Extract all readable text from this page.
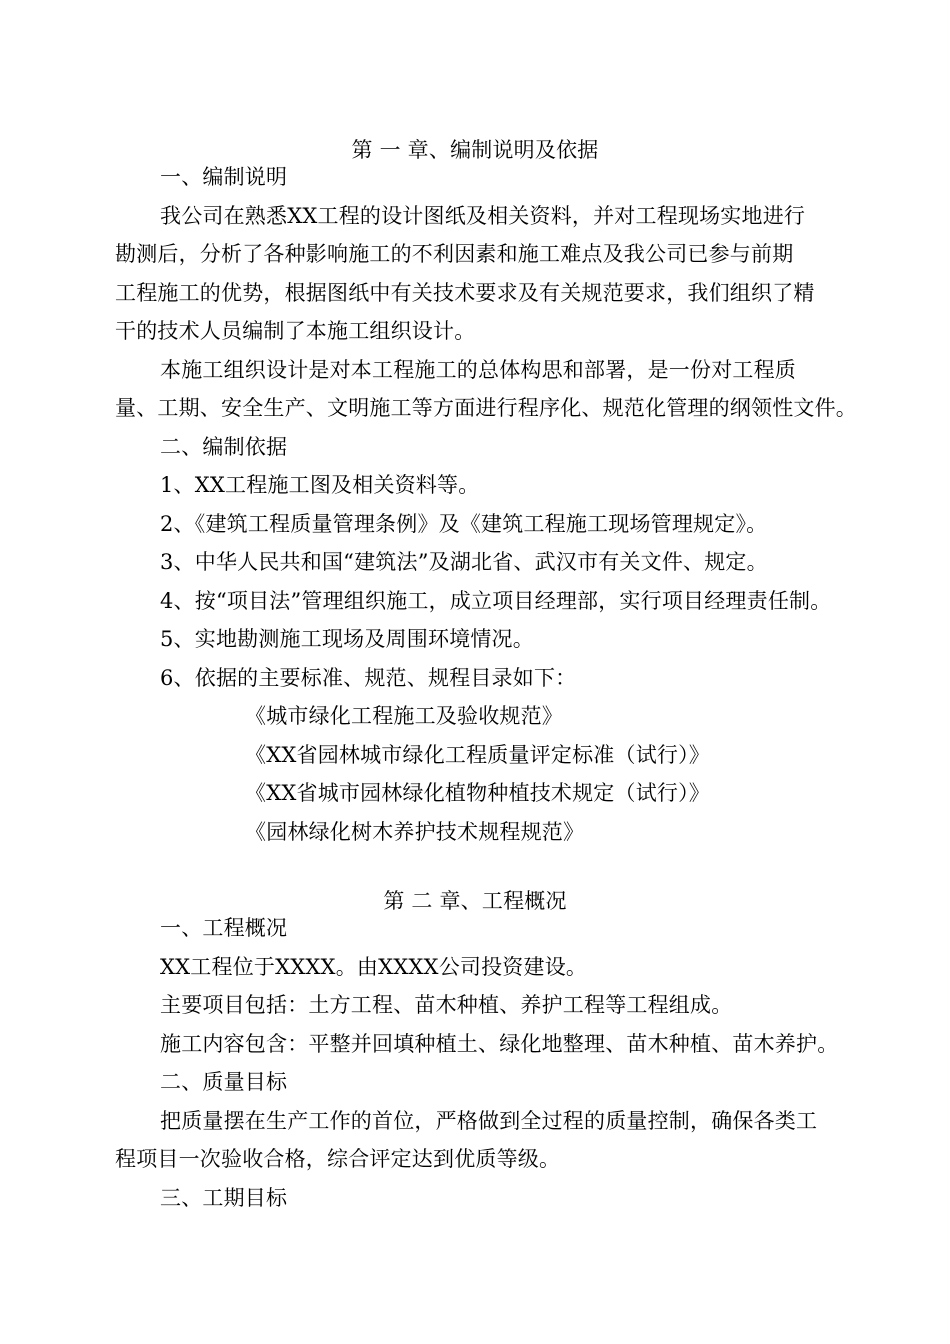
第 一 章、编制说明及依据
一、编制说明
我公司在熟悉XX工程的设计图纸及相关资料，并对工程现场实地进行
勘测后，分析了各种影响施工的不利因素和施工难点及我公司已参与前期
工程施工的优势，根据图纸中有关技术要求及有关规范要求，我们组织了精
干的技术人员编制了本施工组织设计。
本施工组织设计是对本工程施工的总体构思和部署，是一份对工程质
量、工期、安全生产、文明施工等方面进行程序化、规范化管理的纲领性文件。
二、编制依据
1、XX工程施工图及相关资料等。
2、《建筑工程质量管理条例》及《建筑工程施工现场管理规定》。
3、中华人民共和国“建筑法”及湖北省、武汉市有关文件、规定。
4、按“项目法”管理组织施工，成立项目经理部，实行项目经理责任制。
5、实地勘测施工现场及周围环境情况。
6、依据的主要标准、规范、规程目录如下：
《城市绿化工程施工及验收规范》
《XX省园林城市绿化工程质量评定标准（试行）》
《XX省城市园林绿化植物种植技术规定（试行）》
《园林绿化树木养护技术规程规范》
第 二 章、工程概况
一、工程概况
XX工程位于XXXX。由XXXX公司投资建设。
主要项目包括：土方工程、苗木种植、养护工程等工程组成。
施工内容包含：平整并回填种植土、绿化地整理、苗木种植、苗木养护。
二、质量目标
把质量摆在生产工作的首位，严格做到全过程的质量控制，确保各类工
程项目一次验收合格，综合评定达到优质等级。
三、工期目标
